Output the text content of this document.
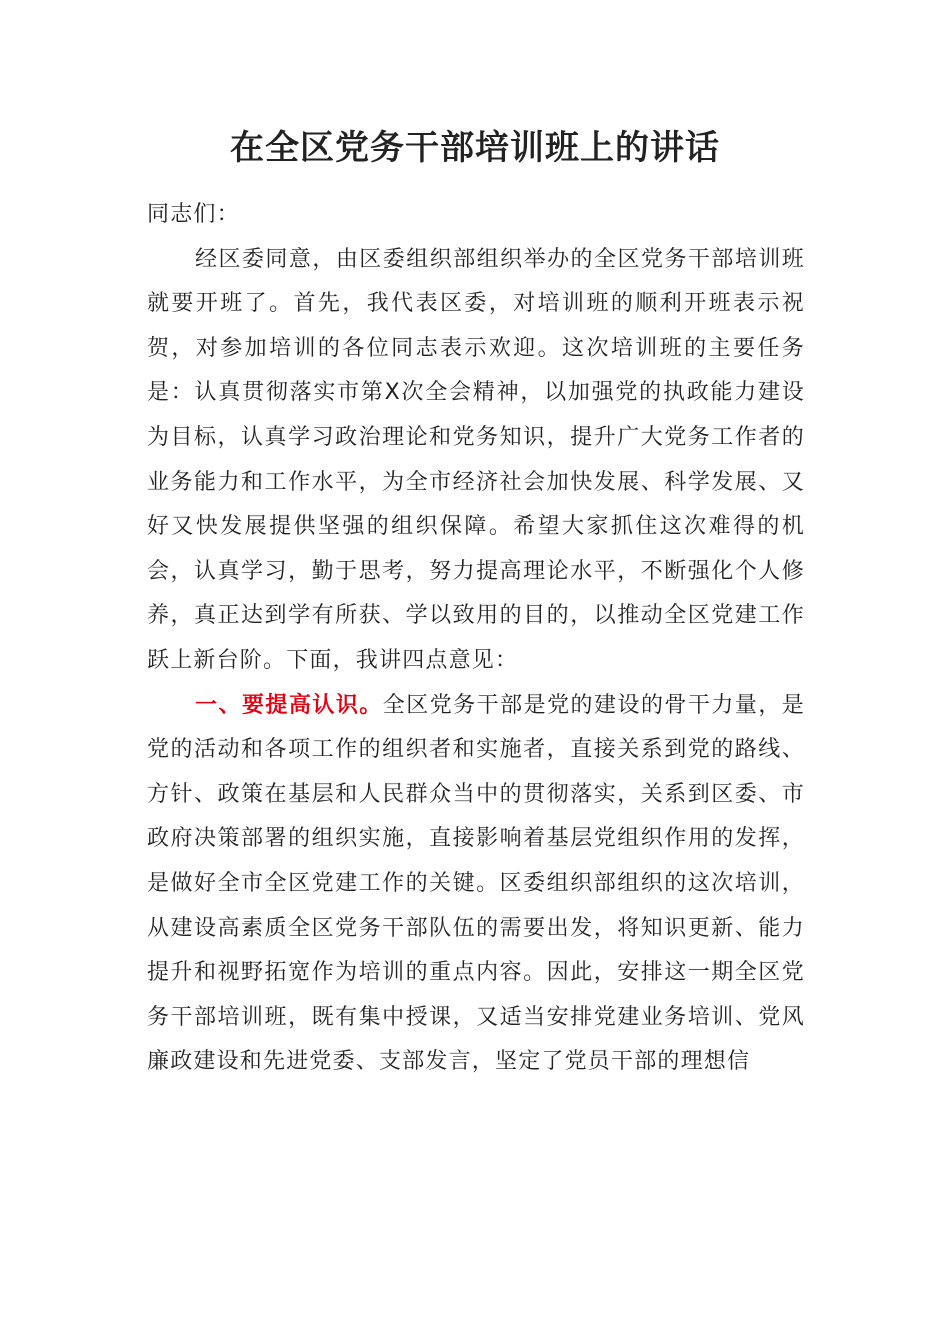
在全区党务干部培训班上的讲话

同志们：

经区委同意，由区委组织部组织举办的全区党务干部培训班就要开班了。首先，我代表区委，对培训班的顺利开班表示祝贺，对参加培训的各位同志表示欢迎。这次培训班的主要任务是：认真贯彻落实市第X次全会精神，以加强党的执政能力建设为目标，认真学习政治理论和党务知识，提升广大党务工作者的业务能力和工作水平，为全市经济社会加快发展、科学发展、又好又快发展提供坚强的组织保障。希望大家抓住这次难得的机会，认真学习，勤于思考，努力提高理论水平，不断强化个人修养，真正达到学有所获、学以致用的目的，以推动全区党建工作跃上新台阶。下面，我讲四点意见：

一、要提高认识。全区党务干部是党的建设的骨干力量，是党的活动和各项工作的组织者和实施者，直接关系到党的路线、方针、政策在基层和人民群众当中的贯彻落实，关系到区委、市政府决策部署的组织实施，直接影响着基层党组织作用的发挥，是做好全市全区党建工作的关键。区委组织部组织的这次培训，从建设高素质全区党务干部队伍的需要出发，将知识更新、能力提升和视野拓宽作为培训的重点内容。因此，安排这一期全区党务干部培训班，既有集中授课，又适当安排党建业务培训、党风廉政建设和先进党委、支部发言，坚定了党员干部的理想信
